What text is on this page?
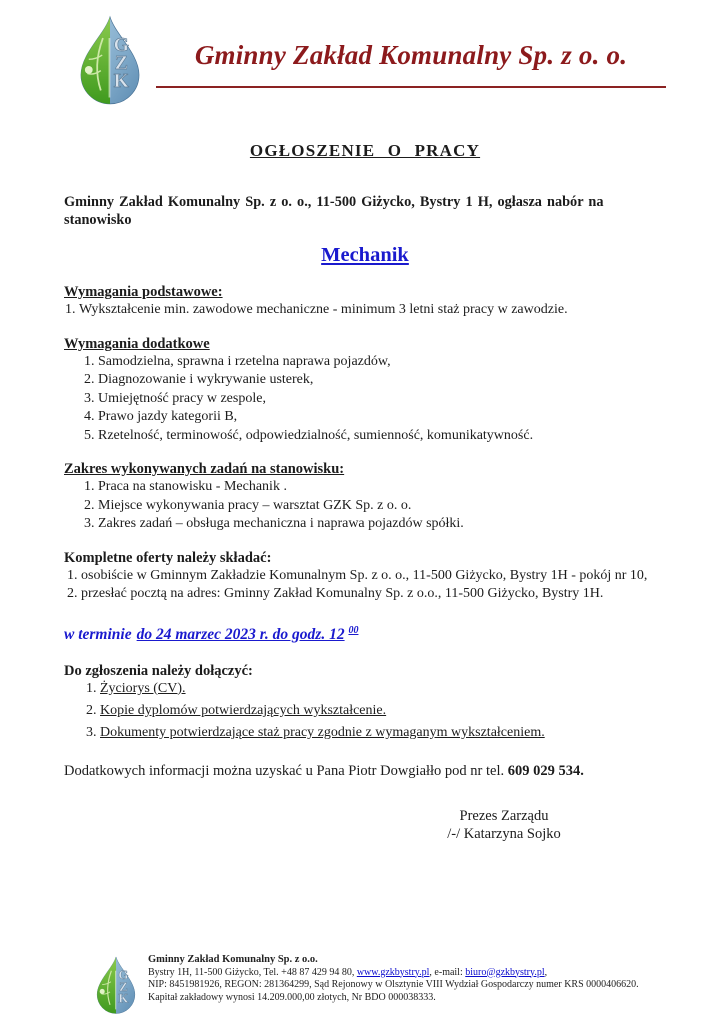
Gminny Zakład Komunalny Sp. z o. o.
OGŁOSZENIE O PRACY

Gminny Zakład Komunalny Sp. z o. o., 11-500 Giżycko, Bystry 1 H, ogłasza nabór na stanowisko

Mechanik
Wymagania podstawowe:
1. Wykształcenie min. zawodowe mechaniczne - minimum 3 letni staż pracy w zawodzie.
Wymagania dodatkowe
1. Samodzielna, sprawna i rzetelna naprawa pojazdów,
2. Diagnozowanie i wykrywanie usterek,
3. Umiejętność pracy w zespole,
4. Prawo jazdy kategorii B,
5. Rzetelność, terminowość, odpowiedzialność, sumienność, komunikatywność.
Zakres wykonywanych zadań na stanowisku:
1. Praca na stanowisku - Mechanik .
2. Miejsce wykonywania pracy – warsztat GZK Sp. z o. o.
3. Zakres zadań – obsługa mechaniczna i naprawa pojazdów spółki.
Kompletne oferty należy składać:
1. osobiście w Gminnym Zakładzie Komunalnym Sp. z o. o., 11-500 Giżycko, Bystry 1H - pokój nr 10,
2. przesłać pocztą na adres: Gminny Zakład Komunalny Sp. z o.o., 11-500 Giżycko, Bystry 1H.

w terminie do 24 marzec 2023 r. do godz. 12 $^{00}$

Do zgłoszenia należy dołączyć:
1. Życiorys (CV).
2. Kopie dyplomów potwierdzających wykształcenie.
3. Dokumenty potwierdzające staż pracy zgodnie z wymaganym wykształceniem.

Dodatkowych informacji można uzyskać u Pana Piotr Dowgiałło pod nr tel. 609 029 534.

Prezes Zarządu
/-/ Katarzyna Sojko
Gminny Zakład Komunalny Sp. z o.o.
Bystry 1H, 11-500 Giżycko, Tel. +48 87 429 94 80, www.gzkbystry.pl, e-mail: biuro@gzkbystry.pl,
NIP: 8451981926, REGON: 281364299, Sąd Rejonowy w Olsztynie VIII Wydział Gospodarczy numer KRS 0000406620.
Kapitał zakładowy wynosi 14.209.000,00 złotych, Nr BDO 000038333.
